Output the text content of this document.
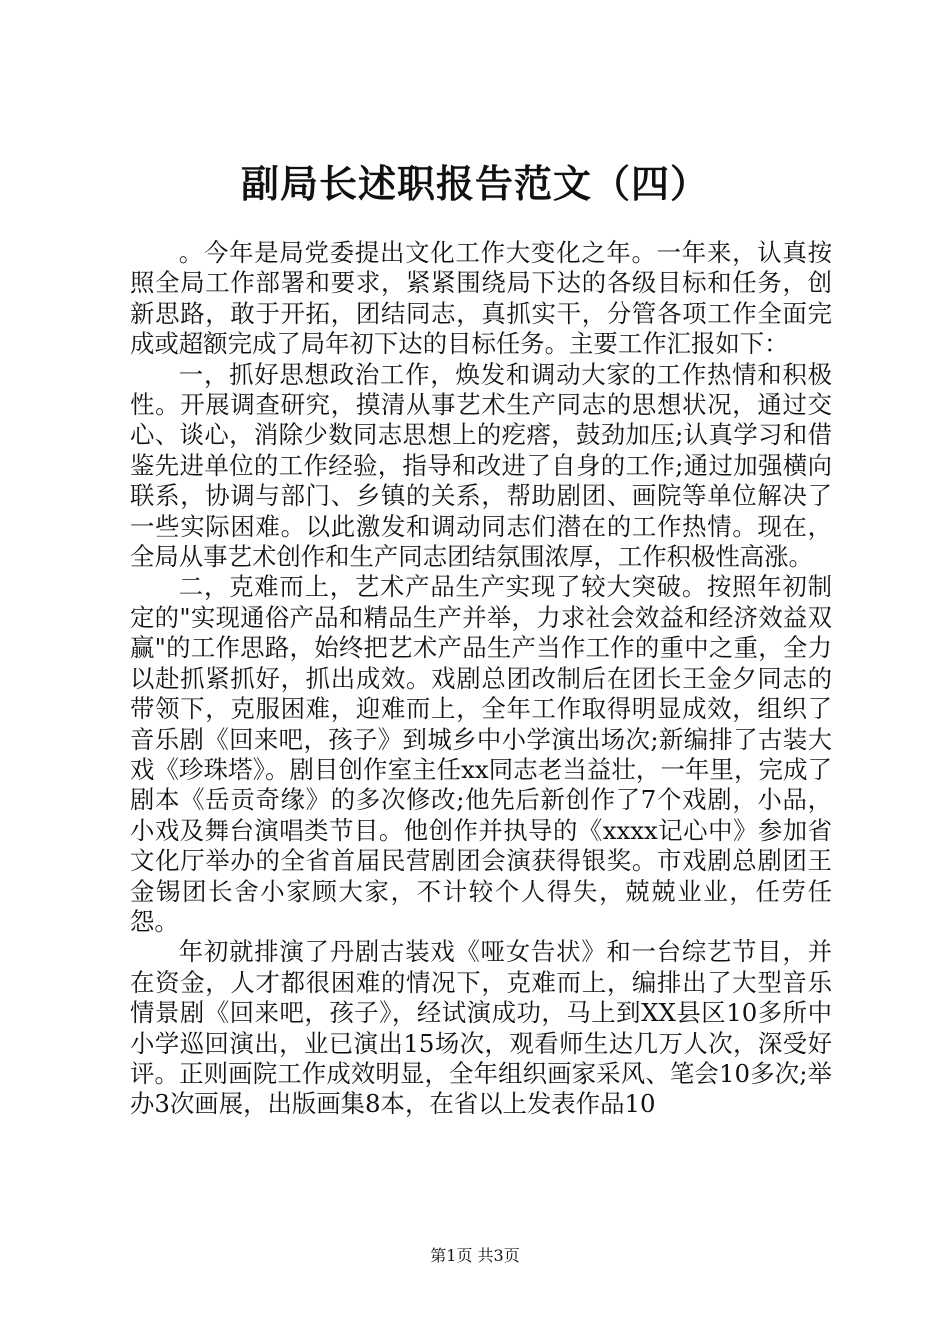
副局长述职报告范文（四）

。今年是局党委提出文化工作大变化之年。一年来，认真按照全局工作部署和要求，紧紧围绕局下达的各级目标和任务，创新思路，敢于开拓，团结同志，真抓实干，分管各项工作全面完成或超额完成了局年初下达的目标任务。主要工作汇报如下：

一，抓好思想政治工作，焕发和调动大家的工作热情和积极性。开展调查研究，摸清从事艺术生产同志的思想状况，通过交心、谈心，消除少数同志思想上的疙瘩，鼓劲加压;认真学习和借鉴先进单位的工作经验，指导和改进了自身的工作;通过加强横向联系，协调与部门、乡镇的关系，帮助剧团、画院等单位解决了一些实际困难。以此激发和调动同志们潜在的工作热情。现在，全局从事艺术创作和生产同志团结氛围浓厚，工作积极性高涨。

二，克难而上，艺术产品生产实现了较大突破。按照年初制定的"实现通俗产品和精品生产并举，力求社会效益和经济效益双赢"的工作思路，始终把艺术产品生产当作工作的重中之重，全力以赴抓紧抓好，抓出成效。戏剧总团改制后在团长王金夕同志的带领下，克服困难，迎难而上，全年工作取得明显成效，组织了音乐剧《回来吧，孩子》到城乡中小学演出场次;新编排了古装大戏《珍珠塔》。剧目创作室主任xx同志老当益壮，一年里，完成了剧本《岳贡奇缘》的多次修改;他先后新创作了7个戏剧，小品，小戏及舞台演唱类节目。他创作并执导的《xxxx记心中》参加省文化厅举办的全省首届民营剧团会演获得银奖。市戏剧总剧团王金锡团长舍小家顾大家，不计较个人得失，兢兢业业，任劳任怨。

年初就排演了丹剧古装戏《哑女告状》和一台综艺节目，并在资金，人才都很困难的情况下，克难而上，编排出了大型音乐情景剧《回来吧，孩子》，经试演成功，马上到XX县区10多所中小学巡回演出，业已演出15场次，观看师生达几万人次，深受好评。正则画院工作成效明显，全年组织画家采风、笔会10多次;举办3次画展，出版画集8本，在省以上发表作品10

第1页 共3页
